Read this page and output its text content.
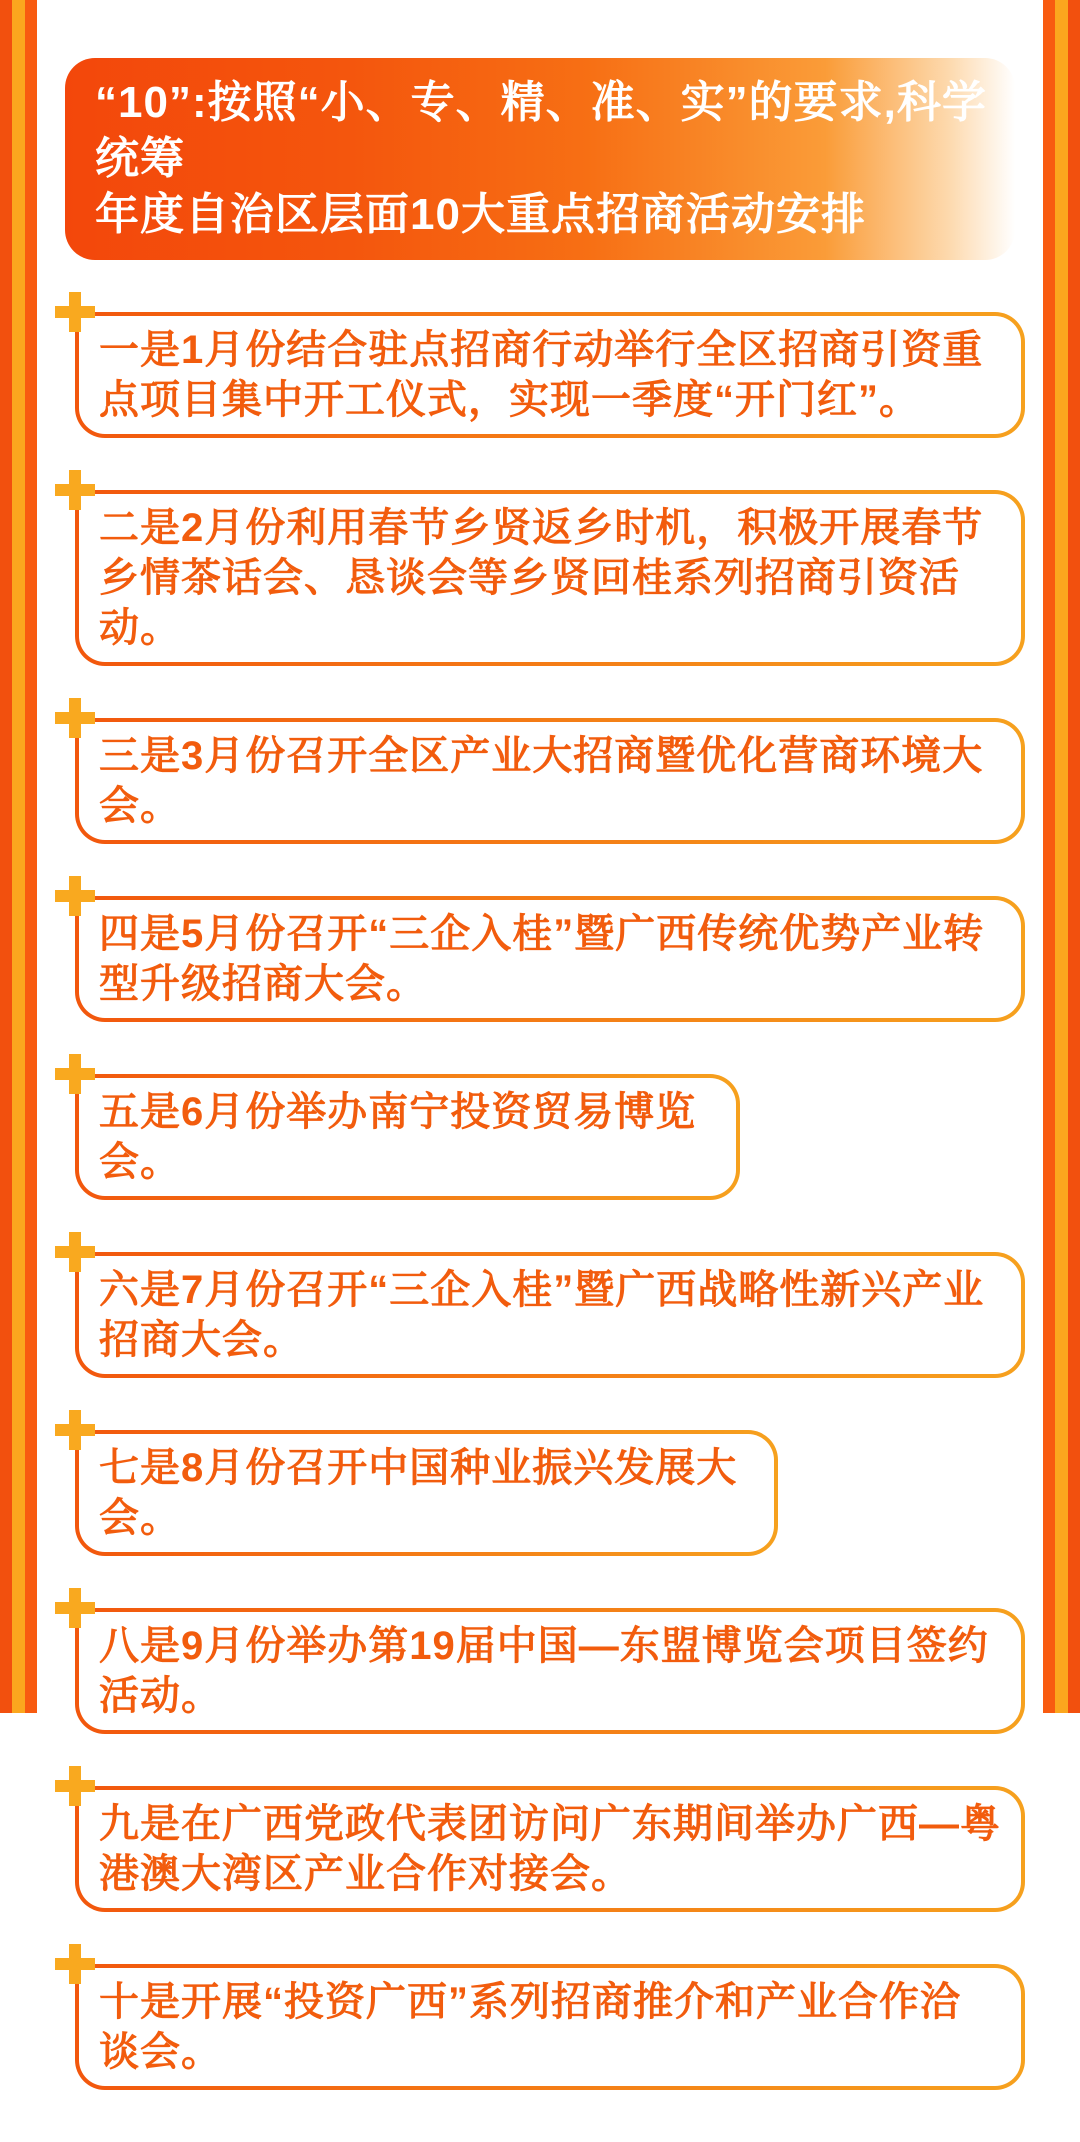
“10”:按照“小、专、精、准、实”的要求,科学统筹
年度自治区层面10大重点招商活动安排
一是1月份结合驻点招商行动举行全区招商引资重点项目集中开工仪式，实现一季度“开门红”。
二是2月份利用春节乡贤返乡时机，积极开展春节乡情茶话会、恳谈会等乡贤回桂系列招商引资活动。
三是3月份召开全区产业大招商暨优化营商环境大会。
四是5月份召开“三企入桂”暨广西传统优势产业转型升级招商大会。
五是6月份举办南宁投资贸易博览会。
六是7月份召开“三企入桂”暨广西战略性新兴产业招商大会。
七是8月份召开中国种业振兴发展大会。
八是9月份举办第19届中国—东盟博览会项目签约活动。
九是在广西党政代表团访问广东期间举办广西—粤港澳大湾区产业合作对接会。
十是开展“投资广西”系列招商推介和产业合作洽谈会。
